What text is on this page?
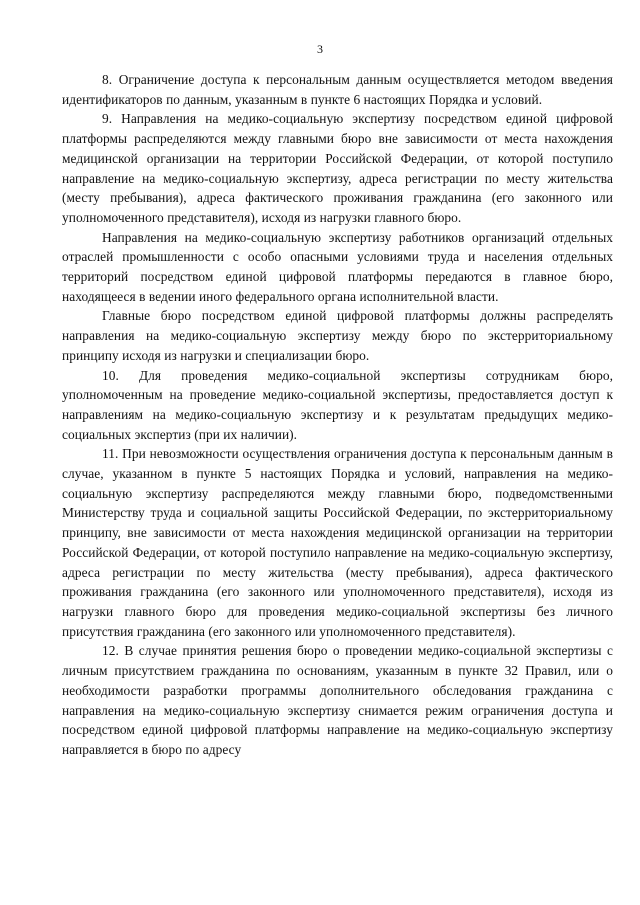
3

8. Ограничение доступа к персональным данным осуществляется методом введения идентификаторов по данным, указанным в пункте 6 настоящих Порядка и условий.

9. Направления на медико-социальную экспертизу посредством единой цифровой платформы распределяются между главными бюро вне зависимости от места нахождения медицинской организации на территории Российской Федерации, от которой поступило направление на медико-социальную экспертизу, адреса регистрации по месту жительства (месту пребывания), адреса фактического проживания гражданина (его законного или уполномоченного представителя), исходя из нагрузки главного бюро.

Направления на медико-социальную экспертизу работников организаций отдельных отраслей промышленности с особо опасными условиями труда и населения отдельных территорий посредством единой цифровой платформы передаются в главное бюро, находящееся в ведении иного федерального органа исполнительной власти.

Главные бюро посредством единой цифровой платформы должны распределять направления на медико-социальную экспертизу между бюро по экстерриториальному принципу исходя из нагрузки и специализации бюро.

10. Для проведения медико-социальной экспертизы сотрудникам бюро, уполномоченным на проведение медико-социальной экспертизы, предоставляется доступ к направлениям на медико-социальную экспертизу и к результатам предыдущих медико-социальных экспертиз (при их наличии).

11. При невозможности осуществления ограничения доступа к персональным данным в случае, указанном в пункте 5 настоящих Порядка и условий, направления на медико-социальную экспертизу распределяются между главными бюро, подведомственными Министерству труда и социальной защиты Российской Федерации, по экстерриториальному принципу, вне зависимости от места нахождения медицинской организации на территории Российской Федерации, от которой поступило направление на медико-социальную экспертизу, адреса регистрации по месту жительства (месту пребывания), адреса фактического проживания гражданина (его законного или уполномоченного представителя), исходя из нагрузки главного бюро для проведения медико-социальной экспертизы без личного присутствия гражданина (его законного или уполномоченного представителя).

12. В случае принятия решения бюро о проведении медико-социальной экспертизы с личным присутствием гражданина по основаниям, указанным в пункте 32 Правил, или о необходимости разработки программы дополнительного обследования гражданина с направления на медико-социальную экспертизу снимается режим ограничения доступа и посредством единой цифровой платформы направление на медико-социальную экспертизу направляется в бюро по адресу
